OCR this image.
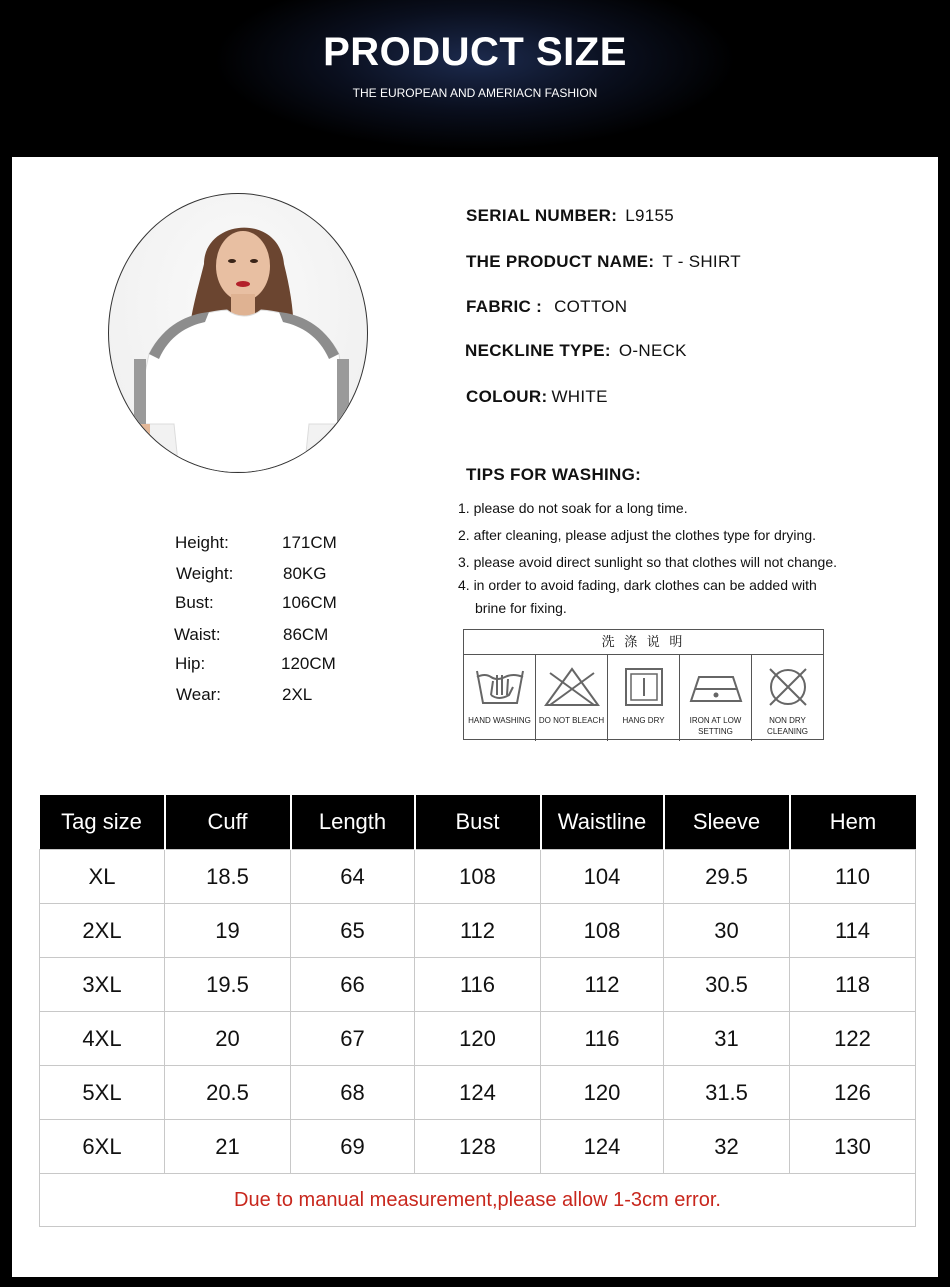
PRODUCT SIZE
THE EUROPEAN AND AMERIACN FASHION
SERIAL NUMBER: L9155
THE PRODUCT NAME: T - SHIRT
FABRIC : COTTON
NECKLINE TYPE: O-NECK
COLOUR: WHITE
TIPS FOR WASHING:
1. please do not soak for a long time.
2. after cleaning, please adjust the clothes type for drying.
3. please avoid direct sunlight so that clothes will not change.
4. in order to avoid fading, dark clothes can be added with
brine for fixing.
Height:	171CM
Weight:	80KG
Bust:	106CM
Waist:	86CM
Hip:	120CM
Wear:	2XL
洗 涤 说 明
HAND WASHING DO NOT BLEACH	HANG DRY	IRON AT LOW SETTING
NON DRY CLEANING
Tag size	Cuff	Length	Bust	Waistline	Sleeve	Hem
XL	18.5	64	108	104	29.5	110
2XL	19	65	112	108	30	114
3XL	19.5	66	116	112	30.5	118
4XL	20	67	120	116	31	122
5XL	20.5	68	124	120	31.5	126
6XL	21	69	128	124	32	130
Due to manual measurement,please allow 1-3cm error.						
